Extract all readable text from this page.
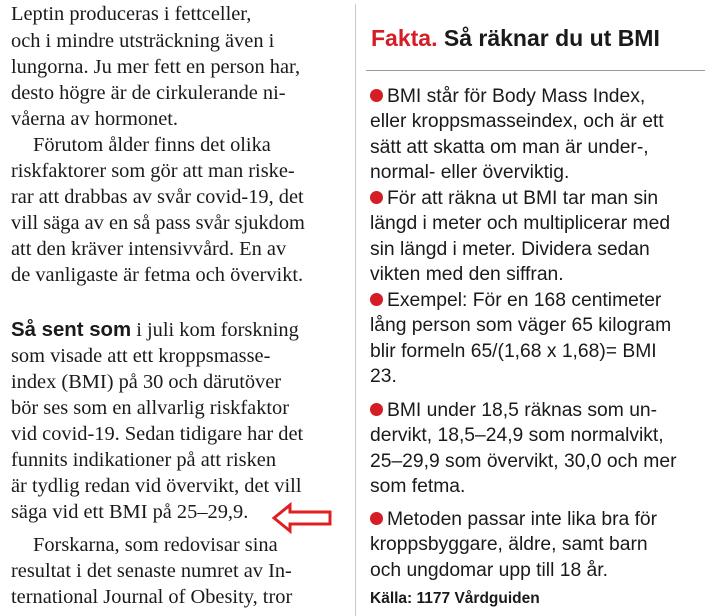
Leptin produceras i fettceller,
och i mindre utsträckning även i
lungorna. Ju mer fett en person har,
desto högre är de cirkulerande ni-
våerna av hormonet.
Förutom ålder finns det olika
riskfaktorer som gör att man riske-
rar att drabbas av svår covid-19, det
vill säga av en så pass svår sjukdom
att den kräver intensivvård. En av
de vanligaste är fetma och övervikt.
Så sent som i juli kom forskning
som visade att ett kroppsmasse-
index (BMI) på 30 och därutöver
bör ses som en allvarlig riskfaktor
vid covid-19. Sedan tidigare har det
funnits indikationer på att risken
är tydlig redan vid övervikt, det vill
säga vid ett BMI på 25–29,9.
Forskarna, som redovisar sina
resultat i det senaste numret av In-
ternational Journal of Obesity, tror
Fakta. Så räknar du ut BMI
BMI står för Body Mass Index,
eller kroppsmasseindex, och är ett
sätt att skatta om man är under-,
normal- eller överviktig.
För att räkna ut BMI tar man sin
längd i meter och multiplicerar med
sin längd i meter. Dividera sedan
vikten med den siffran.
Exempel: För en 168 centimeter
lång person som väger 65 kilogram
blir formeln 65/(1,68 x 1,68)= BMI
23.
BMI under 18,5 räknas som un-
dervikt, 18,5–24,9 som normalvikt,
25–29,9 som övervikt, 30,0 och mer
som fetma.
Metoden passar inte lika bra för
kroppsbyggare, äldre, samt barn
och ungdomar upp till 18 år.
Källa: 1177 Vårdguiden
